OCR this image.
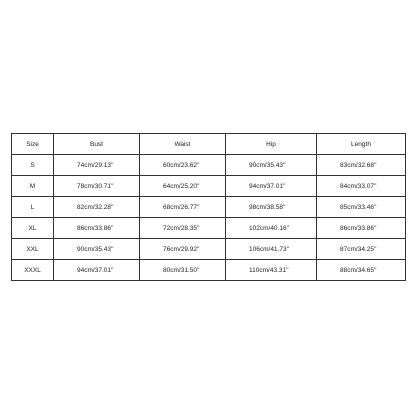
Size	Bust	Waist	Hip	Length
S	74cm/29.13''	60cm/23.62''	90cm/35.43''	83cm/32.68''
M	78cm/30.71''	64cm/25.20''	94cm/37.01''	84cm/33.07''
L	82cm/32.28''	68cm/26.77''	98cm/38.58''	85cm/33.46''
XL	86cm/33.86''	72cm/28.35''	102cm/40.16''	86cm/33.86''
XXL	90cm/35.43''	76cm/29.92''	106cm/41.73''	87cm/34.25''
XXXL	94cm/37.01''	80cm/31.50''	110cm/43.31''	88cm/34.65''
